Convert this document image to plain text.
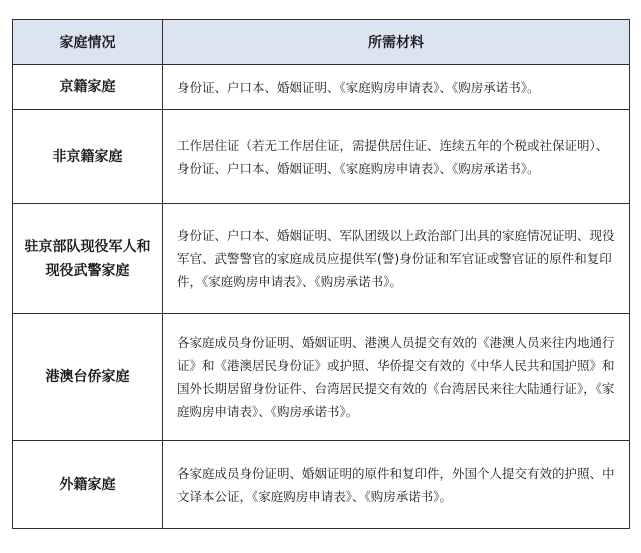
家庭情况	所需材料
京籍家庭	身份证、户口本、婚姻证明、《家庭购房申请表》、《购房承诺书》。
非京籍家庭	工作居住证（若无工作居住证，需提供居住证、连续五年的个税或社保证明）、身份证、户口本、婚姻证明、《家庭购房申请表》、《购房承诺书》。
驻京部队现役军人和现役武警家庭	身份证、户口本、婚姻证明、军队团级以上政治部门出具的家庭情况证明、现役军官、武警警官的家庭成员应提供军(警)身份证和军官证或警官证的原件和复印件，《家庭购房申请表》、《购房承诺书》。
港澳台侨家庭	各家庭成员身份证明、婚姻证明、港澳人员提交有效的《港澳人员来往内地通行证》和《港澳居民身份证》或护照、华侨提交有效的《中华人民共和国护照》和国外长期居留身份证件、台湾居民提交有效的《台湾居民来往大陆通行证》，《家庭购房申请表》、《购房承诺书》。
外籍家庭	各家庭成员身份证明、婚姻证明的原件和复印件，外国个人提交有效的护照、中文译本公证，《家庭购房申请表》、《购房承诺书》。
